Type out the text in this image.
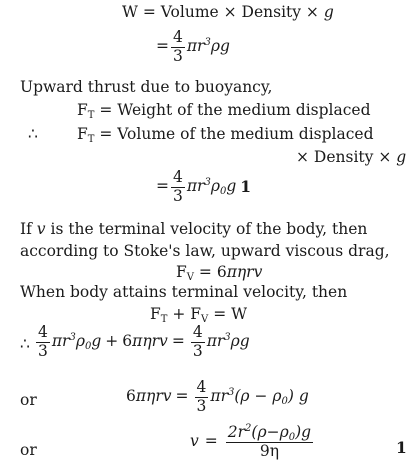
W = Volume × Density × g
= $\frac{4}{3} \pi r^3\rho g$
Upward thrust due to buoyancy,
$F_T$ = Weight of the medium displaced
∴	$F_T$ = Volume of the medium displaced
× Density × g
= $\frac{4}{3} \pi r^3\rho_0g$ 1
If v is the terminal velocity of the body, then
according to Stoke's law, upward viscous drag,
$F_V = 6\pi\eta rv$
When body attains terminal velocity, then
$F_T + F_V = W$
∴ $\frac{4}{3} \pi r^3\rho_0g + 6\pi\eta rv = \frac{4}{3} \pi r^3\rho g$
or	$6\pi\eta rv = \frac{4}{3} \pi r^3(\rho - \rho_0)$ g
or	$v = \frac{2r^2(\rho-\rho_0)g}{9\eta}$	1
